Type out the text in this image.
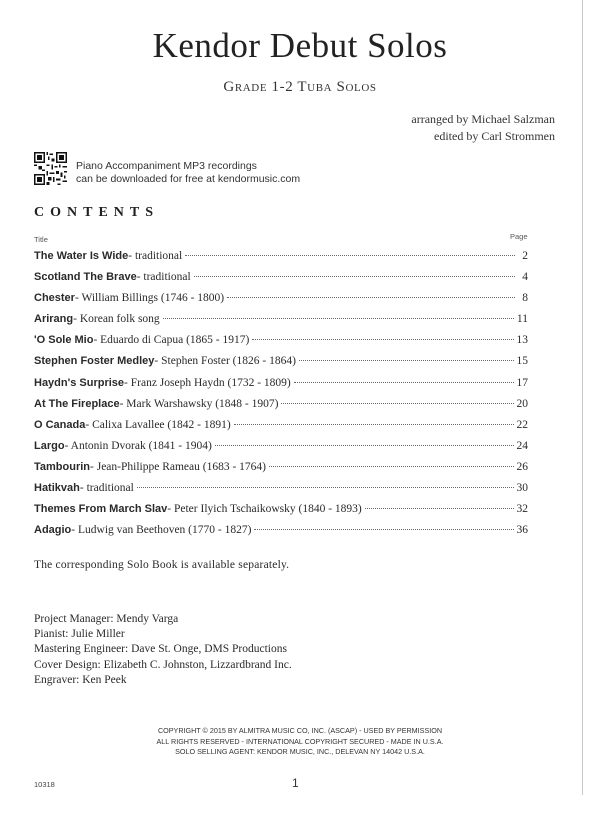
Kendor Debut Solos
Grade 1-2 Tuba Solos
arranged by Michael Salzman
edited by Carl Strommen
Piano Accompaniment MP3 recordings
can be downloaded for free at kendormusic.com
CONTENTS
Title	Page
The Water Is Wide - traditional	2
Scotland The Brave - traditional	4
Chester - William Billings (1746 - 1800)	8
Arirang - Korean folk song	11
'O Sole Mio - Eduardo di Capua (1865 - 1917)	13
Stephen Foster Medley - Stephen Foster (1826 - 1864)	15
Haydn's Surprise - Franz Joseph Haydn (1732 - 1809)	17
At The Fireplace - Mark Warshawsky (1848 - 1907)	20
O Canada - Calixa Lavallee (1842 - 1891)	22
Largo - Antonin Dvorak (1841 - 1904)	24
Tambourin - Jean-Philippe Rameau (1683 - 1764)	26
Hatikvah - traditional	30
Themes From March Slav - Peter Ilyich Tschaikowsky (1840 - 1893)	32
Adagio - Ludwig van Beethoven (1770 - 1827)	36
The corresponding Solo Book is available separately.
Project Manager: Mendy Varga
Pianist: Julie Miller
Mastering Engineer: Dave St. Onge, DMS Productions
Cover Design: Elizabeth C. Johnston, Lizzardbrand Inc.
Engraver: Ken Peek
COPYRIGHT © 2015 BY ALMITRA MUSIC CO, INC. (ASCAP) - USED BY PERMISSION
ALL RIGHTS RESERVED - INTERNATIONAL COPYRIGHT SECURED - MADE IN U.S.A.
SOLO SELLING AGENT: KENDOR MUSIC, INC., DELEVAN NY 14042 U.S.A.
10318	1
